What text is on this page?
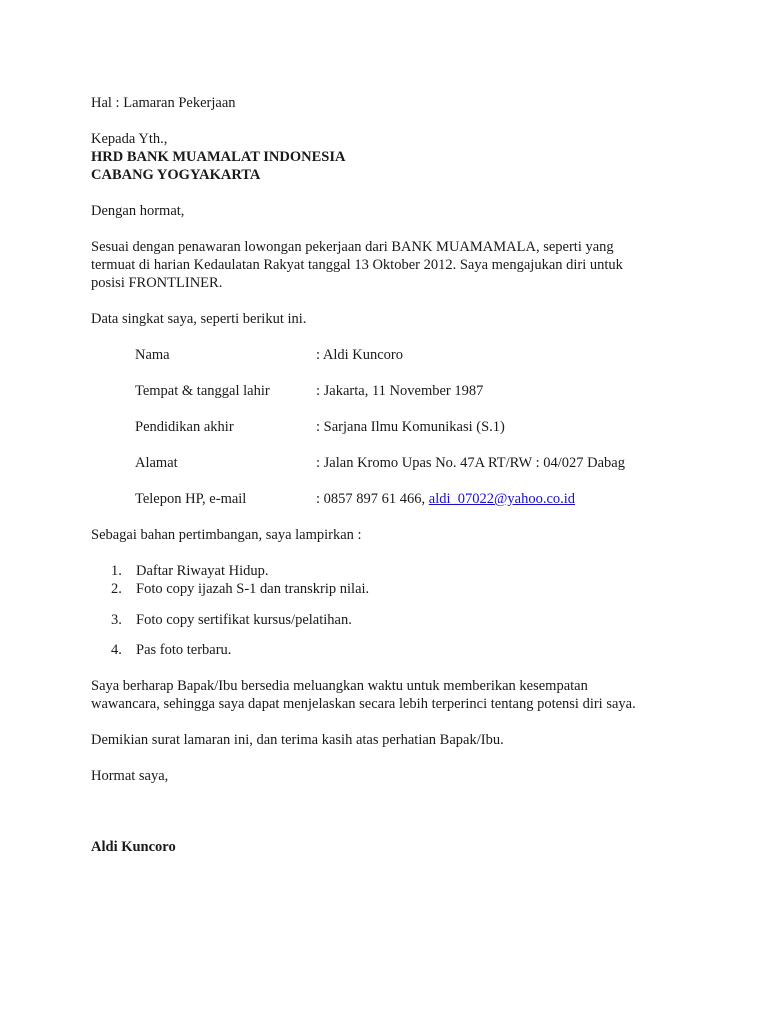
Hal : Lamaran Pekerjaan
Kepada Yth.,
HRD BANK MUAMALAT INDONESIA
CABANG YOGYAKARTA
Dengan hormat,
Sesuai dengan penawaran lowongan pekerjaan dari BANK MUAMAMALA, seperti yang
termuat di harian Kedaulatan Rakyat tanggal 13 Oktober 2012. Saya mengajukan diri untuk
posisi FRONTLINER.
Data singkat saya, seperti berikut ini.
Nama	: Aldi Kuncoro
Tempat & tanggal lahir	: Jakarta, 11 November 1987
Pendidikan akhir	: Sarjana Ilmu Komunikasi (S.1)
Alamat	: Jalan Kromo Upas No. 47A RT/RW : 04/027 Dabag
Telepon HP, e-mail	: 0857 897 61 466, aldi_07022@yahoo.co.id
Sebagai bahan pertimbangan, saya lampirkan :
1. Daftar Riwayat Hidup.
2. Foto copy ijazah S-1 dan transkrip nilai.
3. Foto copy sertifikat kursus/pelatihan.
4. Pas foto terbaru.
Saya berharap Bapak/Ibu bersedia meluangkan waktu untuk memberikan kesempatan
wawancara, sehingga saya dapat menjelaskan secara lebih terperinci tentang potensi diri saya.
Demikian surat lamaran ini, dan terima kasih atas perhatian Bapak/Ibu.
Hormat saya,
Aldi Kuncoro
